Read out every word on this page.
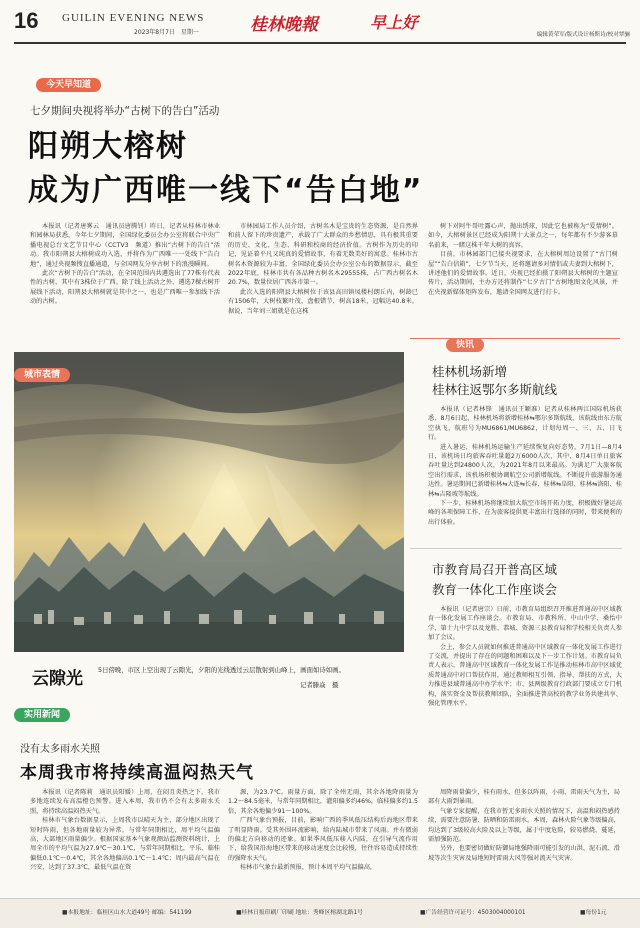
16 GUILIN EVENING NEWS
2023年8月7日　星期一	桂林晚報	早上好
编辑黄荣军/版式设计杨斯诗/校对覃骊
今天早知道
七夕期间央视将举办“古树下的告白”活动
阳朔大榕树
成为广西唯一线下“告白地”

本报讯（记者唐雾云　通讯员唐腾钊）昨日，记者从桂林市林业和园林局获悉，今年七夕期间，全国绿化委员会办公室将联合中央广播电视总台文艺节目中心（CCTV3　频道）推出“古树下的告白”活动。我市阳朔县大榕树成功入选，并将作为广西唯一一处线下“告白地”，通过央视频搜直播通道，与全国网友分享古树下的浪漫瞬间。

此次“古树下的告白”活动，在全国范围内共遴选出了77株有代表性的古树，其中有3株位于广西。除了线上活动之外，遴选7棵古树开展线下活动，阳朔县大榕树就是其中之一，也是广西唯一参加线下活动的古树。

市林园局工作人员介绍，古树名木是宝贵的生态资源，是自然界和前人留下的珍贵遗产，承载了广大群众的乡愁情思，具有极其重要的历史、文化、生态、科研和校商的经济价值。古树作为历史的印记，见证着平凡又纯真的爱情故事，有着无数美好的寓意。桂林市古树名木资源较为丰富，全国绿化委员会办公室公布的数据显示，截至2022年底，桂林市共有各品种古树名木29555株，占广西古树名木20.7%，数量位居广西各市第一。

此次入选的阳朔县大榕树位于该县高田镇凤楼村朗丘内，树龄已有1506年，大树枝繁叶茂，盘根错节，树高18米，冠幅达40.8米。据说，当年刘三姐就是在这株

树下对阿牛哥吐露心声，抛出绣球，因此它也被称为“爱情树”。如今，大榕树景区已经成为阳朔十大景点之一，每年都有不少游客慕名前来，一睹这株千年大树的真容。

目前，市林园部门已接央视要求，在大榕树周边设置了“古门树屋”“告白信箱”，七夕节当天，还将邀请多对情侣或夫妻到大榕树下，讲述他们的爱情故事。近日，央视已经拍摄了阳朔县大榕树的主题宣传片，活动期间，主办方还将制作“七夕古门”古树地图文化风景，并在央视新媒体矩阵发布，邀请全国网友进行打卡。

城市表情
云隙光 5日傍晚，市区上空出现了云隙光，夕阳的光线透过云层散射到山峰上，画面如诗如画。
记者滕焱　摄
快讯
桂林机场新增
桂林往返鄂尔多斯航线

本报讯（记者林锋　通讯员王颖准）记者从桂林两江国际机场获悉，8月6日起，桂林机场将新增桂林⇆鄂尔多斯航线，该航线由东方航空执飞，航班号为MU6861/MU6862，计划每周一、三、五、日飞行。

进入暑运，桂林机场运输生产延续恢复向好态势，7月1日—8月4日，该机场日均旅客吞吐量超2万6000人次，其中，8月4日单日旅客吞吐量达到24800人次，为2021年8月以来最高。为满足广大旅客航空出行需求，该机场积极协调航空公司新增航线。不断提升旅游服务通达性。暑运期间已新增桂林⇆大连⇆长春、桂林⇆阜阳、桂林⇆洛阳、桂林⇆吉隆坡等航线。

下一步，桂林机场将继续加大航空市场开拓力度，积极做好暑运高峰的各项保障工作，在为旅客提供更丰富出行选择的同时，带来便利的出行体验。

市教育局召开普高区域
教育一体化工作座谈会

本报讯（记者唐宗）日前，市教育局组织召开推进普通高中区域教育一体化发展工作座谈会。市教育局、市教科所、中山中学、桑怡中学、第十九中学以及龙胜、恭城、资源三县教育局和学校相关负责人参加了会议。

会上，参会人员就如何推进普通高中区域教育一体化发展工作进行了交流，并提出了存在的问题和困难以及下一步工作计划。市教育局负责人表示，普通高中区域教育一体化发展工作是推动桂林市高中区域优质普通高中对口帮扶作用，通过教师相互引领、指导、帮扶的方式，大力推进县域普通高中办学水平；市、县两级教育行政部门要成立专门机构，落实资金及帮扶教师团队，全面推进普高校的教学业务共建共享、强化管理水平。

实用新闻
没有太多雨水关照
本周我市将持续高温闷热天气

本报讯（记者陈莉　通讯员阳媛）上周，在闷且炎热之下，我市多地连续发布高温橙色预警。进入本周，我市仍不会有太多雨水关照，将持续高温闷热天气。

桂林市气象台数据显示，上周我市以晴天为主，部分地区出现了短时阵雨，但各地雨量较为异常。与常年同期相比，周平均气温偏高，大部地区雨量偏少。根据国家基本气象观测站监测资料统计，上周全市的平均气温为27.9℃～30.1℃，与常年同期相比，平乐、临桂偏低0.1℃～0.4℃，其余各地偏高0.1℃～1.4℃；周内最高气温在兴安，达到了37.3℃，最低气温在资

源，为23.7℃。雨量方面，除了全州无雨，其余各地降雨量为1.2～84.5毫米，与常年同期相比，灌阳偏多约46%，临桂偏多约1.5倍，其余各地偏少91～100%。

广西气象台预报，目前，影响广西的季风低压结构后海地区带来了明显降雨。受其外围环流影响，给内陆城市带来了风雨。并有微弱的偏北方向移动的迹象。如果季风低压移入内陆，在引导气流作用下，给我国沿海地区带来的移动速度会比较慢，往往容易造成持续性的强降水天气。

桂林市气象台最新预报，预计本周平均气温偏高，

周降雨量偏少，桂有雨水，但多以阵雨、小雨、雷雨天气为主，局部有大雨到暴雨。

气象专家提醒，在我市暂无多雨水关照的情况下，高温和闷热感持续，需要注意防暑、防晒和防雷雨水。本周，森林火险气象等级偏高，均达到了3级较高火险及以上等级，属于中度危险，较易燃烧、蔓延，需加强防范。

另外，也要密切做好防御局地强降雨可能引发的山洪、泥石流、滑坡等次生灾害及局地短时雷雨大风等强对流天气灾害。

■本报地址：临桂区山水大道49号 邮编：541199	■桂林日报印刷厂印刷 地址：秀峰区榕湖北路1号	■广告经营许可证号：4503004000101	■每份1元
